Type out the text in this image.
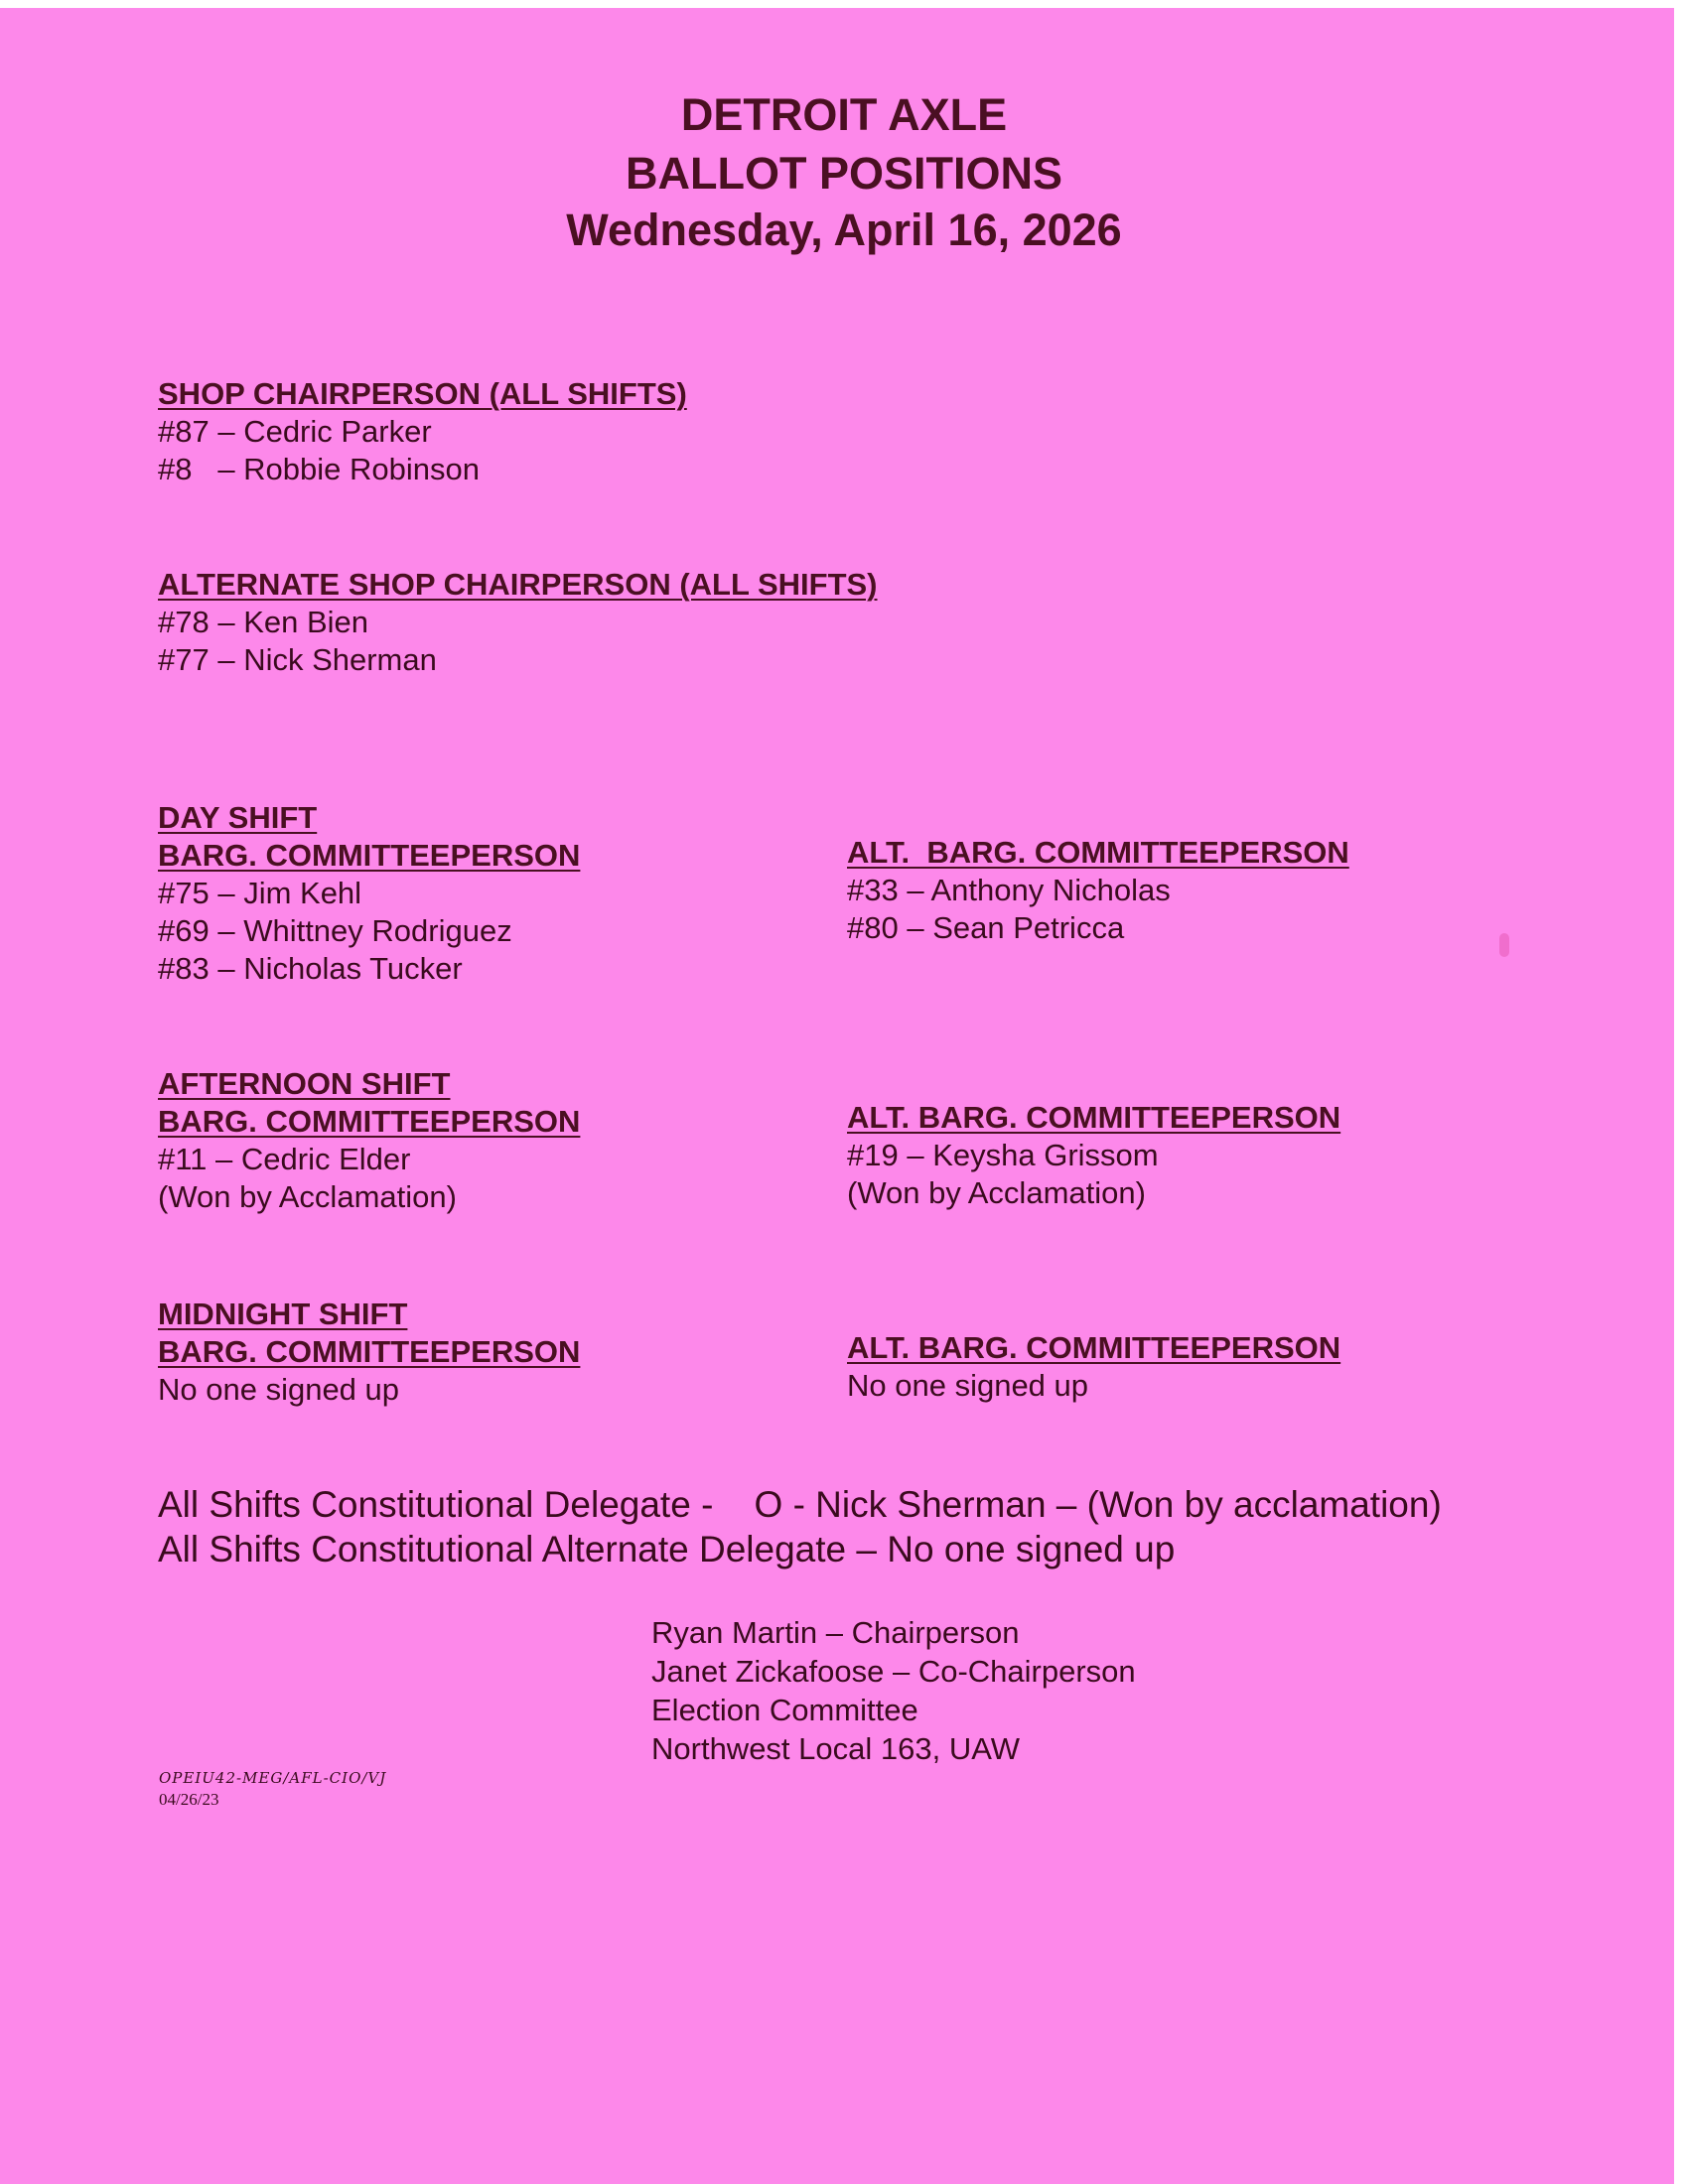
DETROIT AXLE
BALLOT POSITIONS
Wednesday, April 16, 2026
SHOP CHAIRPERSON (ALL SHIFTS)
#87 – Cedric Parker
#8   – Robbie Robinson
ALTERNATE SHOP CHAIRPERSON (ALL SHIFTS)
#78 – Ken Bien
#77 – Nick Sherman
DAY SHIFT
BARG. COMMITTEEPERSON
#75 – Jim Kehl
#69 – Whittney Rodriguez
#83 – Nicholas Tucker
ALT.  BARG. COMMITTEEPERSON
#33 – Anthony Nicholas
#80 – Sean Petricca
AFTERNOON SHIFT
BARG. COMMITTEEPERSON
#11 – Cedric Elder
(Won by Acclamation)
ALT. BARG. COMMITTEEPERSON
#19 – Keysha Grissom
(Won by Acclamation)
MIDNIGHT SHIFT
BARG. COMMITTEEPERSON
No one signed up
ALT. BARG. COMMITTEEPERSON
No one signed up
All Shifts Constitutional Delegate -    O - Nick Sherman – (Won by acclamation)
All Shifts Constitutional Alternate Delegate – No one signed up
Ryan Martin – Chairperson
Janet Zickafoose – Co-Chairperson
Election Committee
Northwest Local 163, UAW
OPEIU42-MEG/AFL-CIO/VJ
04/26/23
